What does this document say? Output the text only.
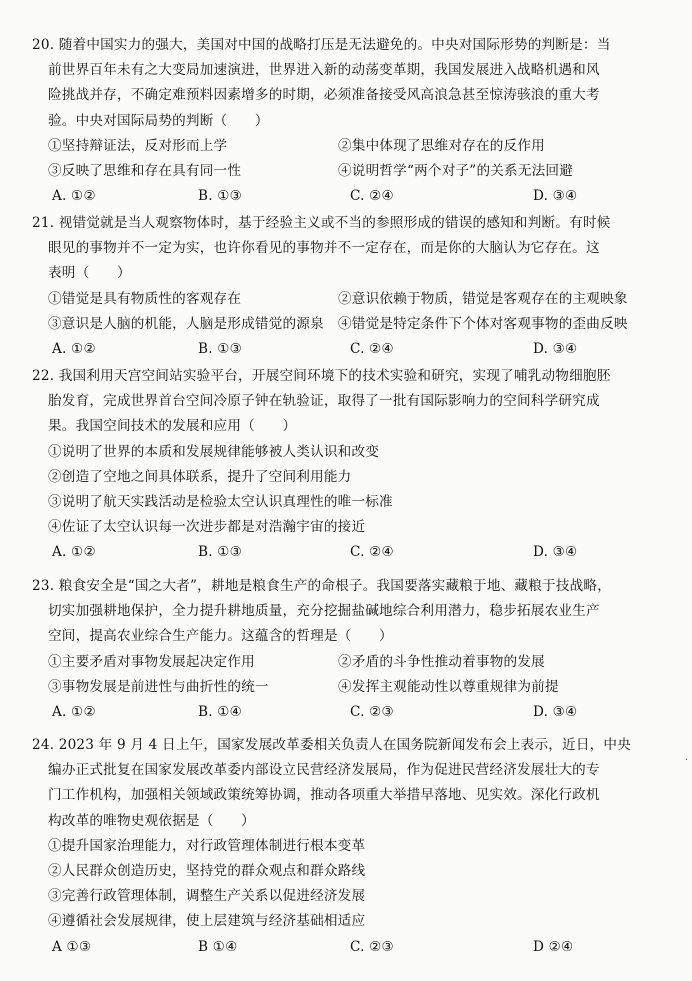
20. 随着中国实力的强大，美国对中国的战略打压是无法避免的。中央对国际形势的判断是：当
前世界百年未有之大变局加速演进，世界进入新的动荡变革期，我国发展进入战略机遇和风
险挑战并存，不确定难预料因素增多的时期，必须准备接受风高浪急甚至惊涛骇浪的重大考
验。中央对国际局势的判断（　　）
①坚持辩证法，反对形而上学	②集中体现了思维对存在的反作用
③反映了思维和存在具有同一性	④说明哲学“两个对子”的关系无法回避
A. ①②	B. ①③	C. ②④	D. ③④
21. 视错觉就是当人观察物体时，基于经验主义或不当的参照形成的错误的感知和判断。有时候
眼见的事物并不一定为实，也许你看见的事物并不一定存在，而是你的大脑认为它存在。这
表明（　　）
①错觉是具有物质性的客观存在	②意识依赖于物质，错觉是客观存在的主观映象
③意识是人脑的机能，人脑是形成错觉的源泉 ④错觉是特定条件下个体对客观事物的歪曲反映
A. ①②	B. ①③	C. ②④	D. ③④
22. 我国利用天宫空间站实验平台，开展空间环境下的技术实验和研究，实现了哺乳动物细胞胚
胎发育，完成世界首台空间冷原子钟在轨验证，取得了一批有国际影响力的空间科学研究成
果。我国空间技术的发展和应用（　　）
①说明了世界的本质和发展规律能够被人类认识和改变
②创造了空地之间具体联系，提升了空间利用能力
③说明了航天实践活动是检验太空认识真理性的唯一标准
④佐证了太空认识每一次进步都是对浩瀚宇宙的接近
A. ①②	B. ①③	C. ②④	D. ③④
23. 粮食安全是“国之大者”，耕地是粮食生产的命根子。我国要落实藏粮于地、藏粮于技战略，
切实加强耕地保护，全力提升耕地质量，充分挖掘盐碱地综合利用潜力，稳步拓展农业生产
空间，提高农业综合生产能力。这蕴含的哲理是（　　）
①主要矛盾对事物发展起决定作用	②矛盾的斗争性推动着事物的发展
③事物发展是前进性与曲折性的统一	④发挥主观能动性以尊重规律为前提
A. ①②	B. ①④	C. ②③	D. ③④
24. 2023 年 9 月 4 日上午，国家发展改革委相关负责人在国务院新闻发布会上表示，近日，中央
编办正式批复在国家发展改革委内部设立民营经济发展局，作为促进民营经济发展壮大的专
门工作机构，加强相关领域政策统筹协调，推动各项重大举措早落地、见实效。深化行政机
构改革的唯物史观依据是（　　）
①提升国家治理能力，对行政管理体制进行根本变革
②人民群众创造历史，坚持党的群众观点和群众路线
③完善行政管理体制，调整生产关系以促进经济发展
④遵循社会发展规律，使上层建筑与经济基础相适应
A ①③	B ①④	C. ②③	D ②④
.
